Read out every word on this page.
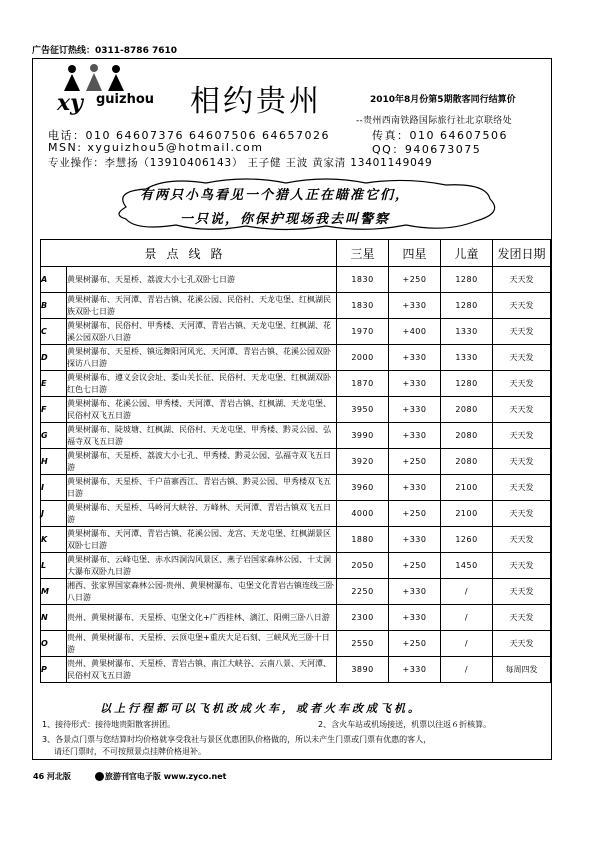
广告征订热线：0311-8786 7610
xy guizhou 相约贵州	2010年8月份第5期散客同行结算价
--贵州西南铁路国际旅行社北京联络处
电话：010 64607376 64607506 64657026	传真：010 64607506
MSN: xyguizhou5@hotmail.com	QQ：940673075
专业操作：李慧扬（13910406143） 王子健 王波 黄家清 13401149049
有两只小鸟看见一个猎人正在瞄准它们，
一只说，你保护现场我去叫警察
景点线路		三星	四星	儿童	发团日期
A	黄果树瀑布、天星桥、荔波大小七孔双卧七日游	1830	+250	1280	天天发
B	黄果树瀑布、天河潭、青岩古镇、花溪公园、民俗村、天龙屯堡、红枫湖民族双卧七日游	1830	+330	1280	天天发
C	黄果树瀑布、民俗村、甲秀楼、天河潭、青岩古镇、天龙屯堡、红枫湖、花溪公园双卧八日游	1970	+400	1330	天天发
D	黄果树瀑布、天星桥、镇远舞阳河风光、天河潭、青岩古镇、花溪公园双卧探访八日游	2000	+330	1330	天天发
E	黄果树瀑布、遵义会议会址、娄山关长征、民俗村、天龙屯堡、红枫湖双卧红色七日游	1870	+330	1280	天天发
F	黄果树瀑布、花溪公园、甲秀楼、天河潭、青岩古镇、红枫湖、天龙屯堡、民俗村双飞五日游	3950	+330	2080	天天发
G	黄果树瀑布、陡坡塘、红枫湖、民俗村、天龙屯堡、甲秀楼、黔灵公园、弘福寺双飞五日游	3990	+330	2080	天天发
H	黄果树瀑布、天星桥、荔波大小七孔、甲秀楼、黔灵公园、弘福寺双飞五日游	3920	+250	2080	天天发
I	黄果树瀑布、天星桥、千户苗寨西江、青岩古镇、黔灵公园、甲秀楼双飞五日游	3960	+330	2100	天天发
J	黄果树瀑布、天星桥、马岭河大峡谷、万峰林、天河潭、青岩古镇双飞五日游	4000	+250	2100	天天发
K	黄果树瀑布、天河潭、青岩古镇、花溪公园、龙宫、天龙屯堡、红枫湖景区双卧七日游	1880	+330	1260	天天发
L	黄果树瀑布、云峰屯堡、赤水四洞沟风景区、燕子岩国家森林公园、十丈洞大瀑布双卧九日游	2050	+250	1450	天天发
M	湘西、张家界国家森林公园-贵州、黄果树瀑布、屯堡文化青岩古镇连线三卧八日游	2250	+330	/	天天发
N	贵州、黄果树瀑布、天星桥、屯堡文化+广西桂林、漓江、阳朔三卧八日游	2300	+330	/	天天发
O	贵州、黄果树瀑布、天星桥、云顶屯堡+重庆大足石刻、三峡风光三卧十日游	2550	+250	/	天天发
P	贵州、黄果树瀑布、天星桥、青岩古镇、南江大峡谷、云南八景、天河潭、民俗村双飞五日游	3890	+330	/	每周四发
以上行程都可以飞机改成火车，或者火车改成飞机。
1、接待形式：接待地贵阳散客拼团。	2、含火车站或机场接送，机票以往返６折核算。
3、各景点门票与您结算时均价格就享受我社与景区优惠团队价格做的，所以未产生门票或门票有优惠的客人，
请还门票时，不可按照景点挂牌价格退补。
46 河北版	旅游刊官电子版 www.zyco.net
